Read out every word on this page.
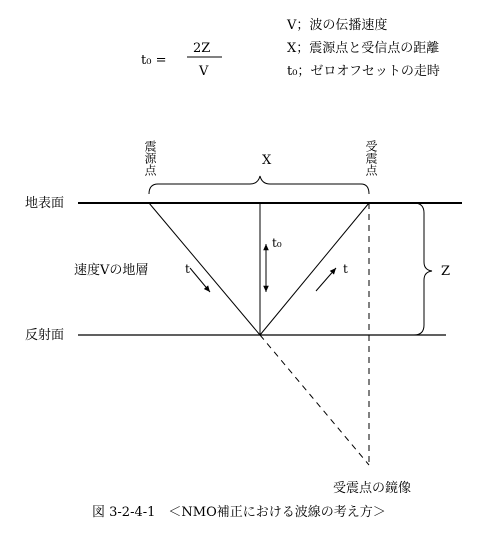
t₀ =
2Z
V
V；波の伝播速度
X；震源点と受信点の距離
t₀；ゼロオフセットの走時
震源点	受震点
X
地表面
反射面
速度Vの地層	t	t
t₀
Z
受震点の鏡像
図 3-2-4-1　＜NMO補正における波線の考え方＞
